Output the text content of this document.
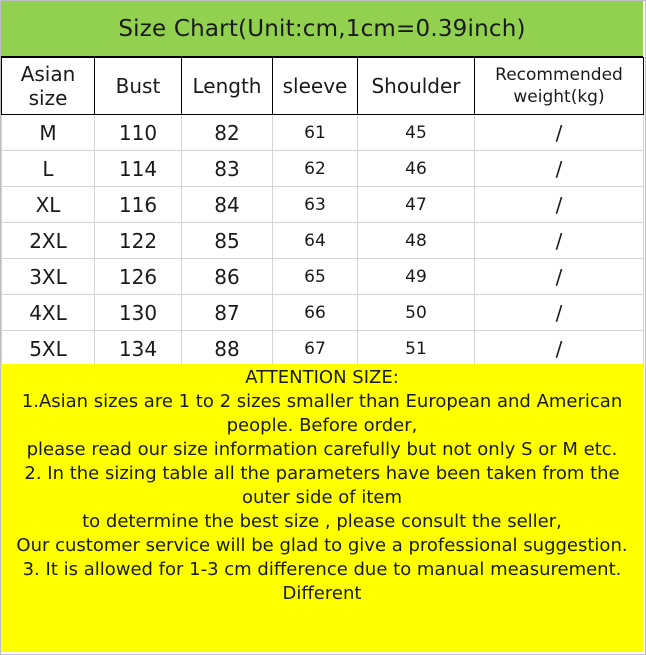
Size Chart(Unit:cm,1cm=0.39inch)
Asian size	Bust	Length	sleeve	Shoulder	Recommended weight(kg)
M	110	82	61	45	/
L	114	83	62	46	/
XL	116	84	63	47	/
2XL	122	85	64	48	/
3XL	126	86	65	49	/
4XL	130	87	66	50	/
5XL	134	88	67	51	/
ATTENTION SIZE:
1.Asian sizes are 1 to 2 sizes smaller than European and American people. Before order,
please read our size information carefully but not only S or M etc.
2. In the sizing table all the parameters have been taken from the outer side of item
to determine the best size , please consult the seller,
Our customer service will be glad to give a professional suggestion.
3. It is allowed for 1-3 cm difference due to manual measurement. Different
